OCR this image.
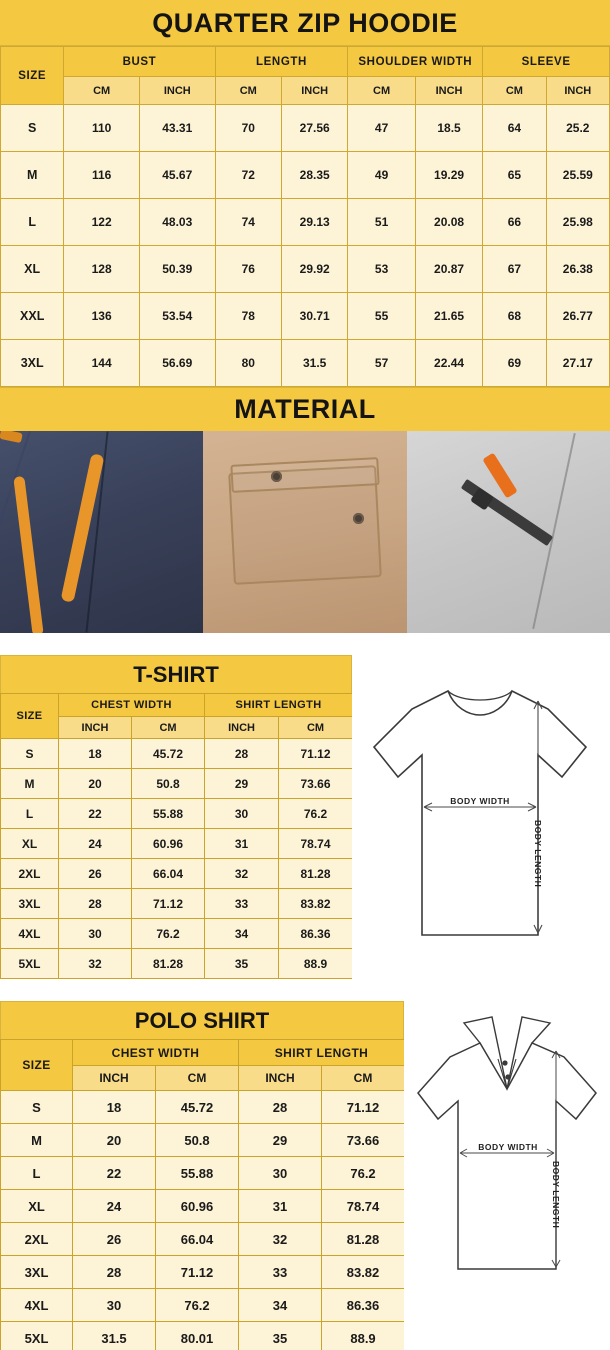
QUARTER ZIP HOODIE
SIZE	BUST		LENGTH		SHOULDER WIDTH		SLEEVE	
	CM	INCH	CM	INCH	CM	INCH	CM	INCH
S	110	43.31	70	27.56	47	18.5	64	25.2
M	116	45.67	72	28.35	49	19.29	65	25.59
L	122	48.03	74	29.13	51	20.08	66	25.98
XL	128	50.39	76	29.92	53	20.87	67	26.38
XXL	136	53.54	78	30.71	55	21.65	68	26.77
3XL	144	56.69	80	31.5	57	22.44	69	27.17
MATERIAL
T-SHIRT
SIZE	CHEST WIDTH		SHIRT LENGTH	
	INCH	CM	INCH	CM
S	18	45.72	28	71.12
M	20	50.8	29	73.66
L	22	55.88	30	76.2
XL	24	60.96	31	78.74
2XL	26	66.04	32	81.28
3XL	28	71.12	33	83.82
4XL	30	76.2	34	86.36
5XL	32	81.28	35	88.9
BODY WIDTH
BODY LENGTH
POLO SHIRT
SIZE	CHEST WIDTH		SHIRT LENGTH	
	INCH	CM	INCH	CM
S	18	45.72	28	71.12
M	20	50.8	29	73.66
L	22	55.88	30	76.2
XL	24	60.96	31	78.74
2XL	26	66.04	32	81.28
3XL	28	71.12	33	83.82
4XL	30	76.2	34	86.36
5XL	31.5	80.01	35	88.9
BODY WIDTH
BODY LENGTH
